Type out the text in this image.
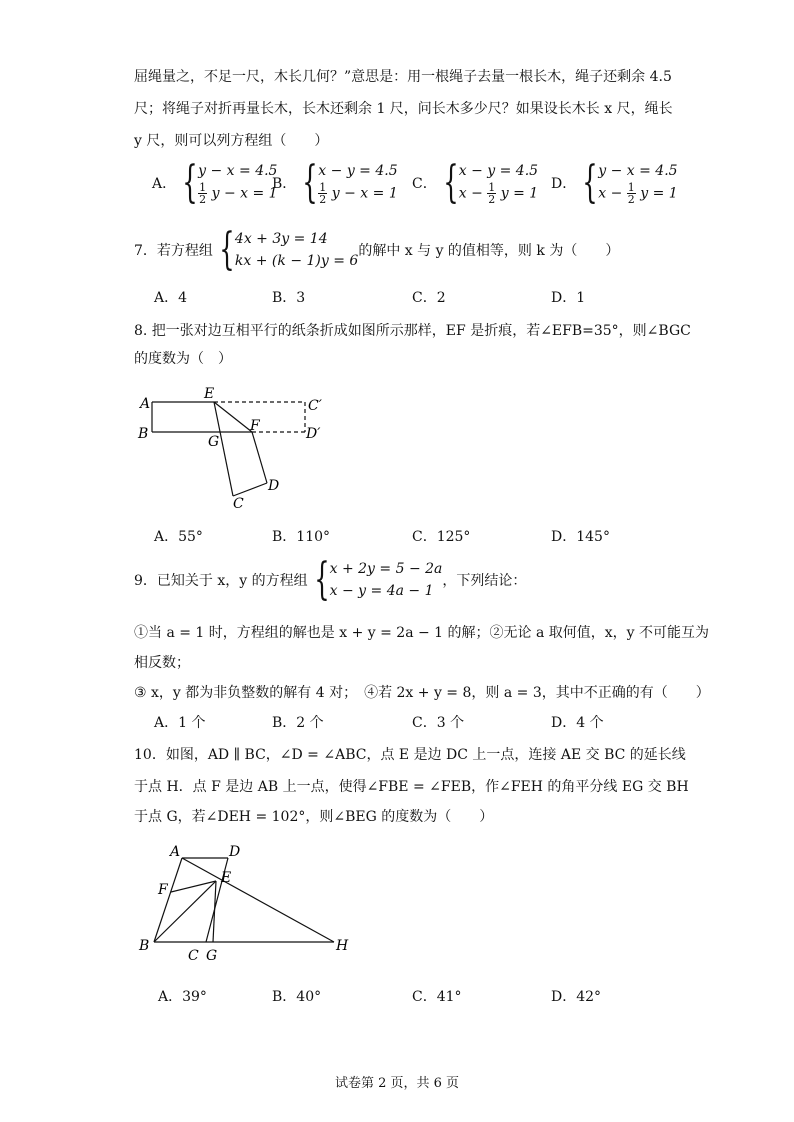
屈绳量之，不足一尺，木长几何？”意思是：用一根绳子去量一根长木，绳子还剩余 4.5
尺；将绳子对折再量长木，长木还剩余 1 尺，问长木多少尺？如果设长木长 x 尺，绳长
y 尺，则可以列方程组（　　）
A． { y − x = 4.5
$\frac{1}{2}$ y − x = 1
B． { x − y = 4.5
$\frac{1}{2}$ y − x = 1
C． { x − y = 4.5
$x - \frac{1}{2}$ y = 1
D． { y − x = 4.5
$x - \frac{1}{2}$ y = 1
7．若方程组 { 4x + 3y = 14
kx + (k − 1)y = 6
的解中 x 与 y 的值相等，则 k 为（　　）
A．4	B．3	C．2	D．1
8. 把一张对边互相平行的纸条折成如图所示那样，EF 是折痕，若∠EFB=35°，则∠BGC
的度数为（　）
A
B
E
F
G
C
D
C′
D′
A．55°	B．110°	C．125°	D．145°
9．已知关于 x，y 的方程组 { x + 2y = 5 − 2a
x − y = 4a − 1
，下列结论：
①当 a = 1 时，方程组的解也是 x + y = 2a − 1 的解；②无论 a 取何值，x，y 不可能互为
相反数；
③ x，y 都为非负整数的解有 4 对；　④若 2x + y = 8，则 a = 3，其中不正确的有（　　）
A．1 个	B．2 个	C．3 个	D．4 个
10．如图，AD ∥ BC，∠D = ∠ABC，点 E 是边 DC 上一点，连接 AE 交 BC 的延长线
于点 H．点 F 是边 AB 上一点，使得∠FBE = ∠FEB，作∠FEH 的角平分线 EG 交 BH
于点 G，若∠DEH = 102°，则∠BEG 的度数为（　　）
A	D
E
F
B
C G
H
A．39°	B．40°	C．41°	D．42°
试卷第 2 页，共 6 页
